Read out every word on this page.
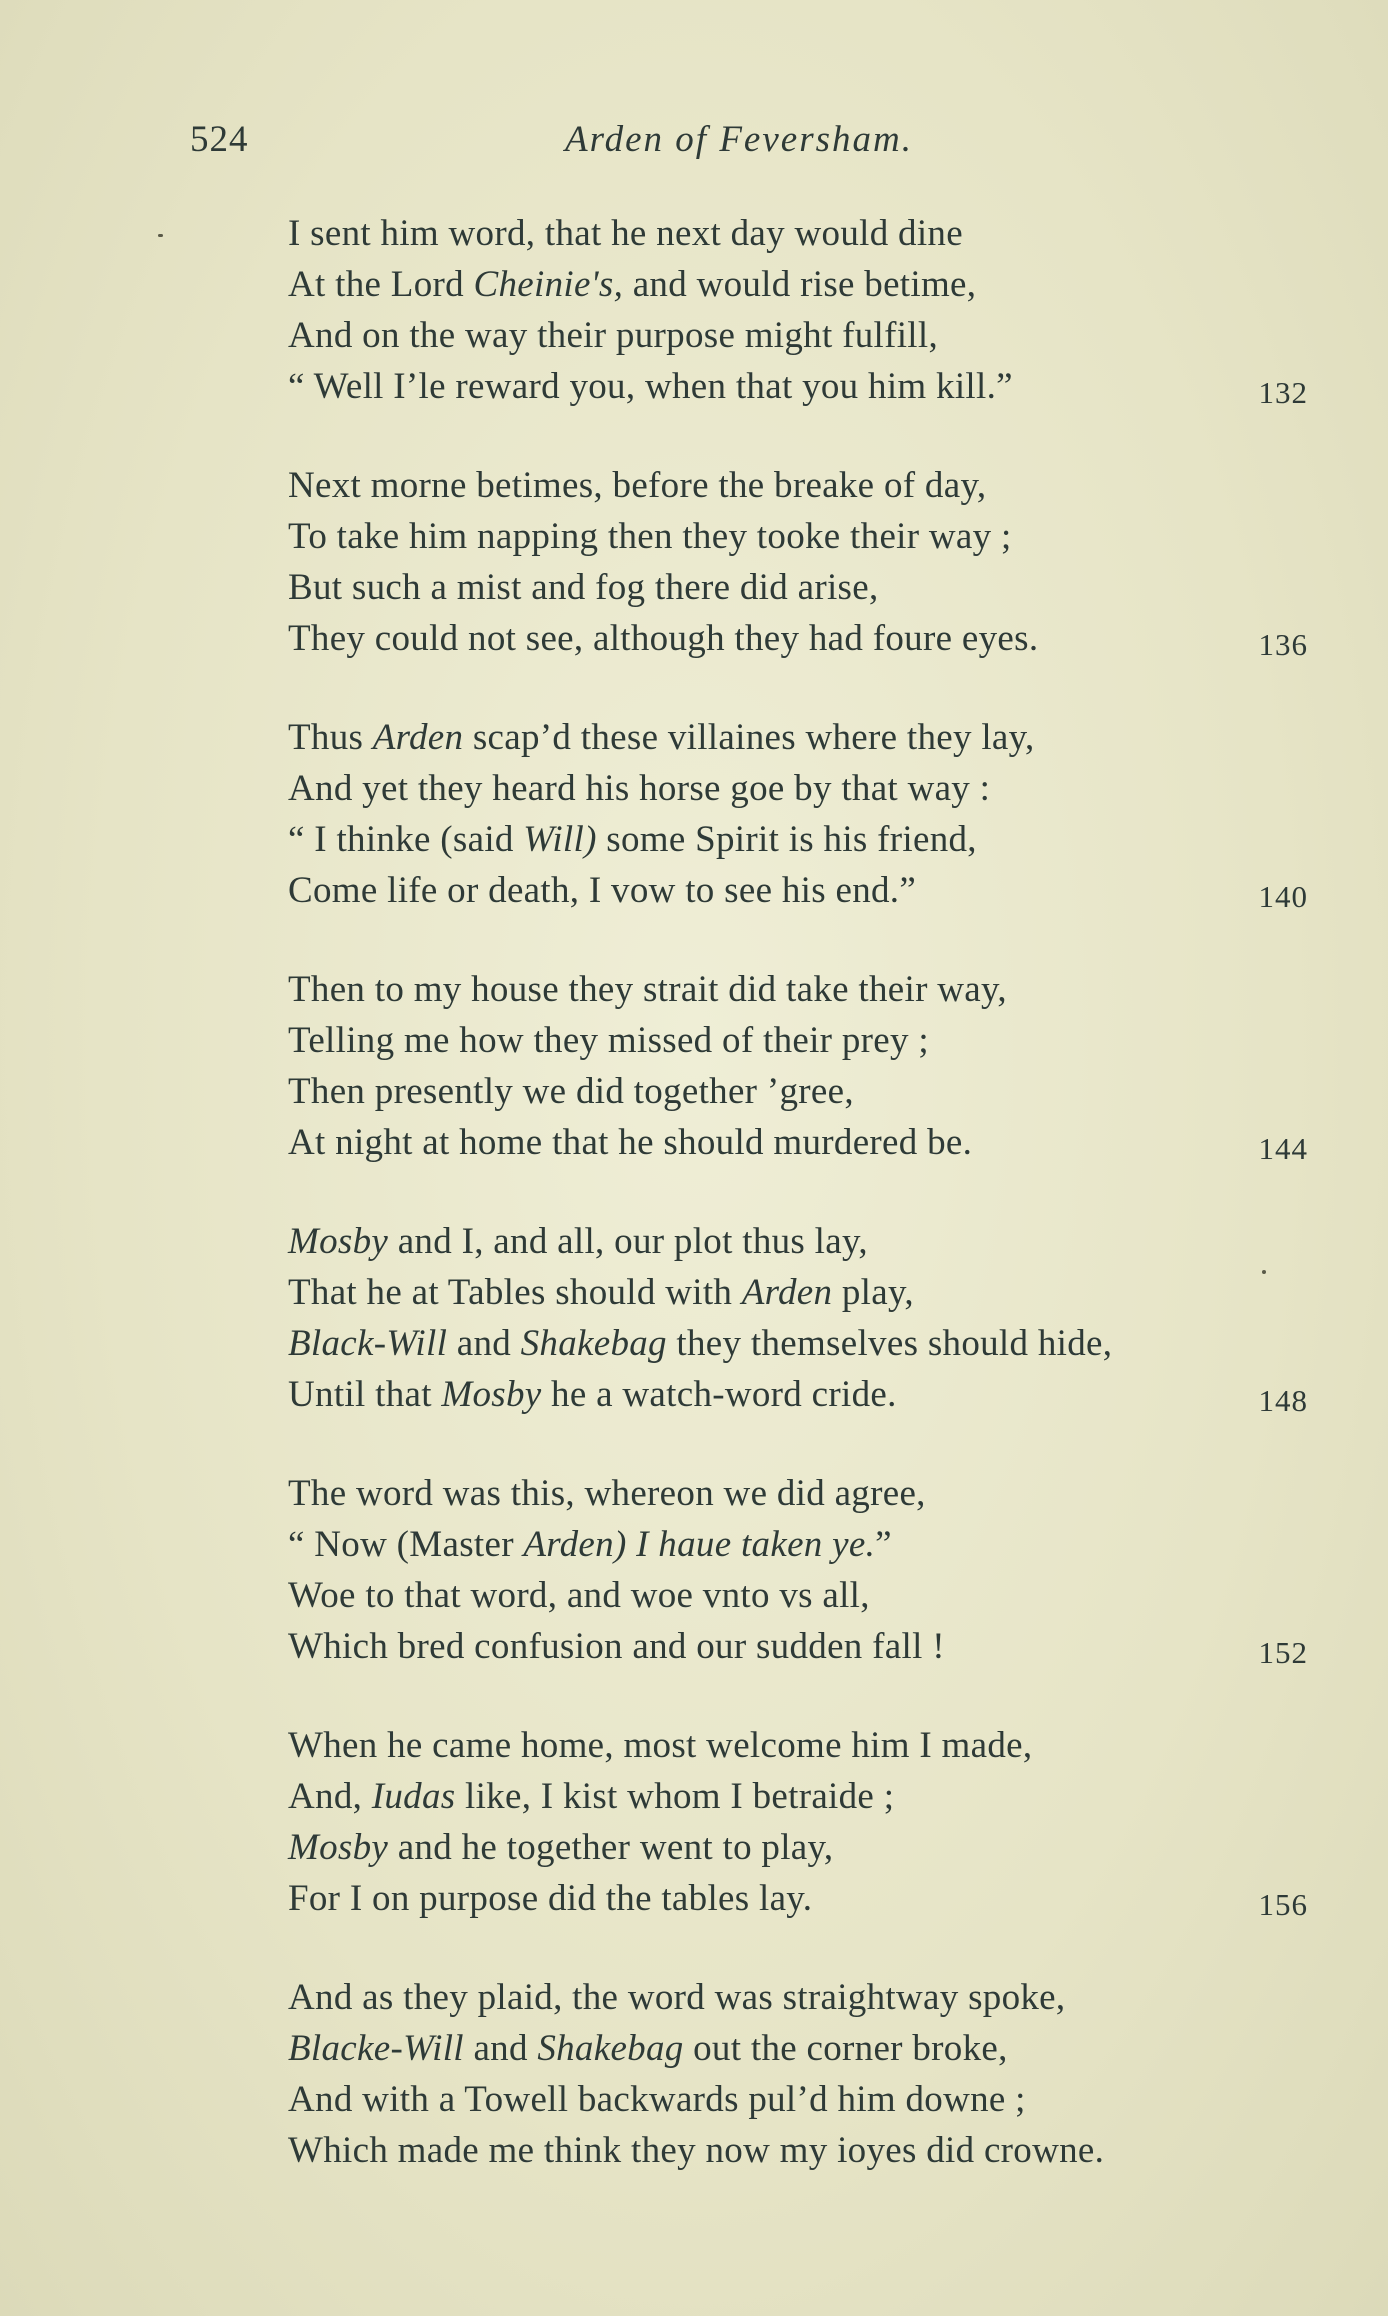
524	Arden of Feversham.
I sent him word, that he next day would dine
At the Lord Cheinie's, and would rise betime,
And on the way their purpose might fulfill,
“ Well I’le reward you, when that you him kill.”	132
Next morne betimes, before the breake of day,
To take him napping then they tooke their way ;
But such a mist and fog there did arise,
They could not see, although they had foure eyes.	136
Thus Arden scap’d these villaines where they lay,
And yet they heard his horse goe by that way :
“ I thinke (said Will) some Spirit is his friend,
Come life or death, I vow to see his end.”	140
Then to my house they strait did take their way,
Telling me how they missed of their prey ;
Then presently we did together ’gree,
At night at home that he should murdered be.	144
Mosby and I, and all, our plot thus lay,
That he at Tables should with Arden play,
Black-Will and Shakebag they themselves should hide,
Until that Mosby he a watch-word cride.	148
The word was this, whereon we did agree,
“ Now (Master Arden) I haue taken ye.”
Woe to that word, and woe vnto vs all,
Which bred confusion and our sudden fall !	152
When he came home, most welcome him I made,
And, Iudas like, I kist whom I betraide ;
Mosby and he together went to play,
For I on purpose did the tables lay.	156
And as they plaid, the word was straightway spoke,
Blacke-Will and Shakebag out the corner broke,
And with a Towell backwards pul’d him downe ;
Which made me think they now my ioyes did crowne.
